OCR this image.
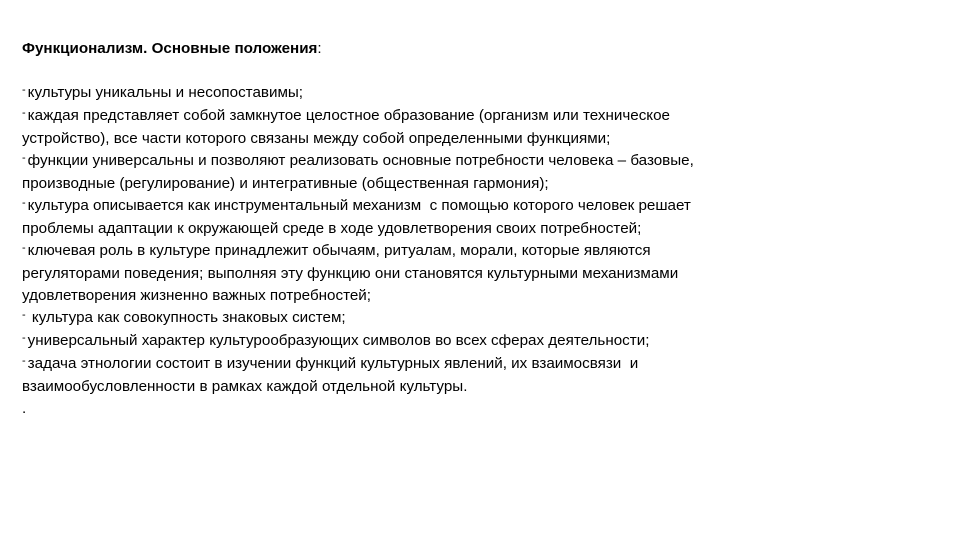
Функционализм. Основные положения:

- культуры уникальны и несопоставимы;

- каждая представляет собой замкнутое целостное образование (организм или техническое
устройство), все части которого связаны между собой определенными функциями;

- функции универсальны и позволяют реализовать основные потребности человека – базовые,
производные (регулирование) и интегративные (общественная гармония);

- культура описывается как инструментальный механизм  с помощью которого человек решает
проблемы адаптации к окружающей среде в ходе удовлетворения своих потребностей;

- ключевая роль в культуре принадлежит обычаям, ритуалам, морали, которые являются
регуляторами поведения; выполняя эту функцию они становятся культурными механизмами
удовлетворения жизненно важных потребностей;

- культура как совокупность знаковых систем;

- универсальный характер культурообразующих символов во всех сферах деятельности;

- задача этнологии состоит в изучении функций культурных явлений, их взаимосвязи  и
взаимообусловленности в рамках каждой отдельной культуры.

.
